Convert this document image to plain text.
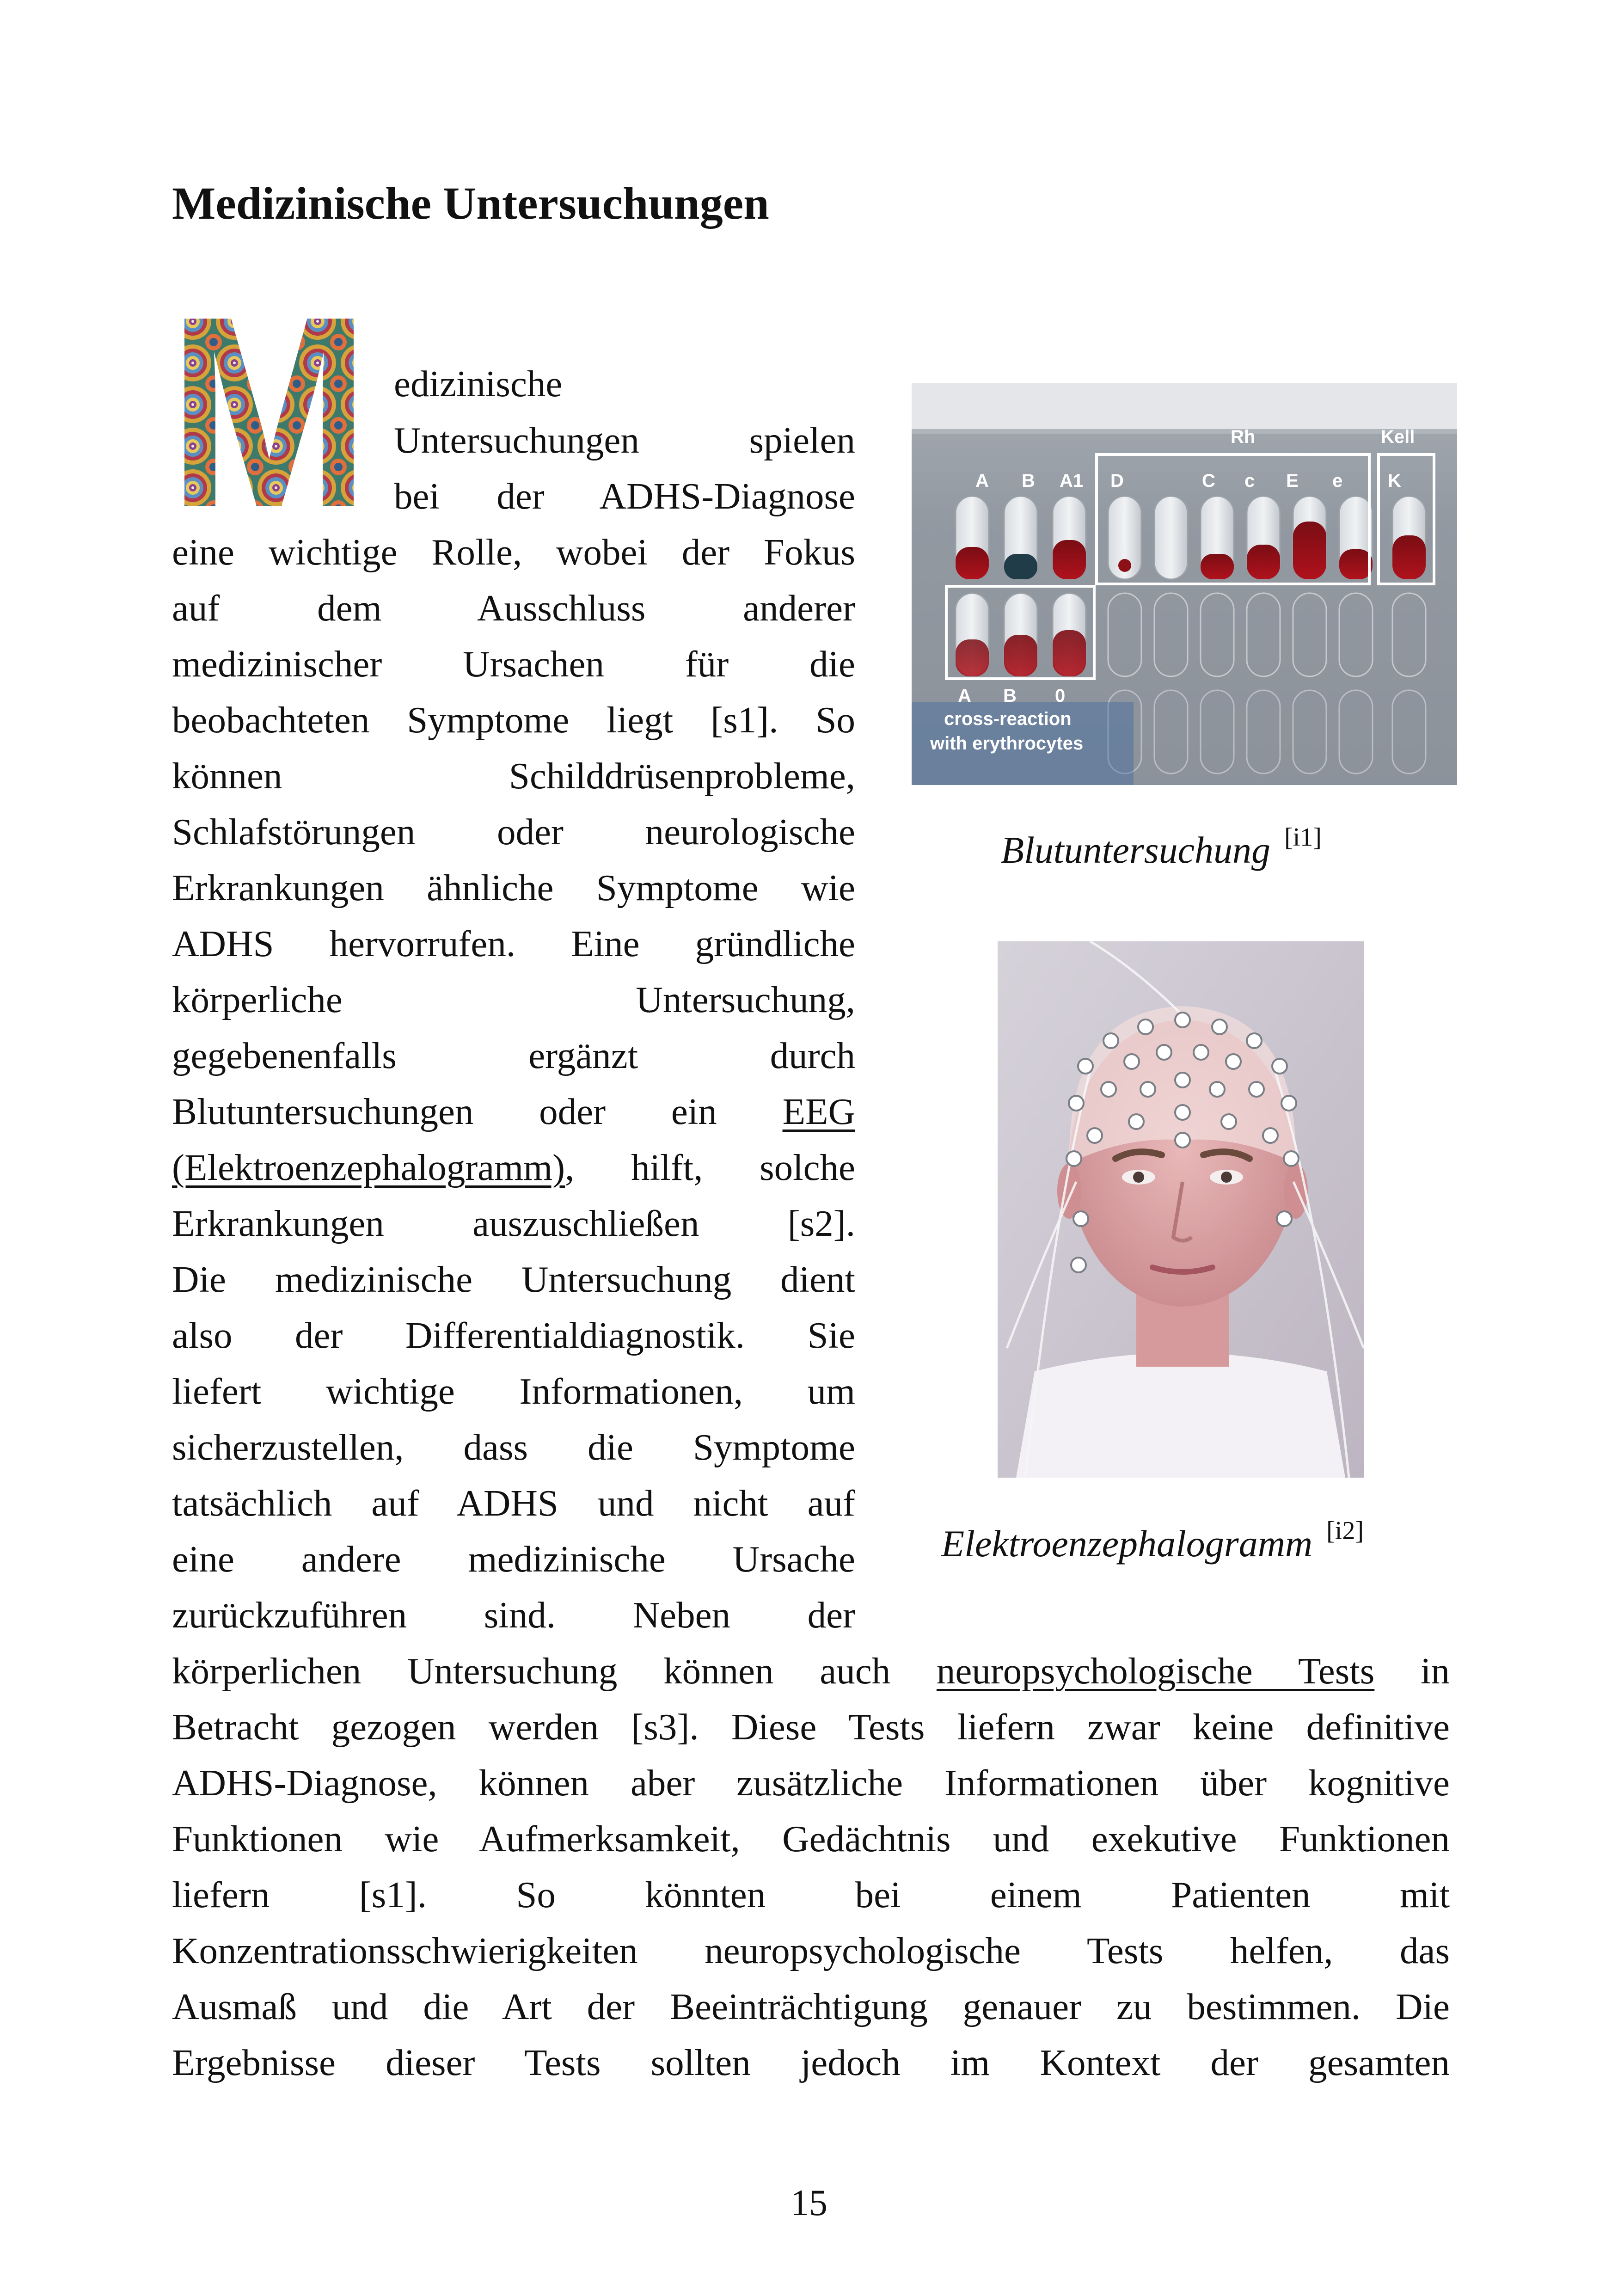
Medizinische Untersuchungen
edizinische
Untersuchungen spielen
bei der ADHS-Diagnose
eine wichtige Rolle, wobei der Fokus
auf dem Ausschluss anderer
medizinischer Ursachen für die
beobachteten Symptome liegt [s1]. So
können Schilddrüsenprobleme,
Schlafstörungen oder neurologische
Erkrankungen ähnliche Symptome wie
ADHS hervorrufen. Eine gründliche
körperliche Untersuchung,
gegebenenfalls ergänzt durch
Blutuntersuchungen oder ein EEG
(Elektroenzephalogramm), hilft, solche
Erkrankungen auszuschließen [s2].
Die medizinische Untersuchung dient
also der Differentialdiagnostik. Sie
liefert wichtige Informationen, um
sicherzustellen, dass die Symptome
tatsächlich auf ADHS und nicht auf
eine andere medizinische Ursache
zurückzuführen sind. Neben der
körperlichen Untersuchung können auch neuropsychologische Tests in
Betracht gezogen werden [s3]. Diese Tests liefern zwar keine definitive
ADHS-Diagnose, können aber zusätzliche Informationen über kognitive
Funktionen wie Aufmerksamkeit, Gedächtnis und exekutive Funktionen
liefern [s1]. So könnten bei einem Patienten mit
Konzentrationsschwierigkeiten neuropsychologische Tests helfen, das
Ausmaß und die Art der Beeinträchtigung genauer zu bestimmen. Die
Ergebnisse dieser Tests sollten jedoch im Kontext der gesamten
Rh	Kell
A B A1 D	C c E e K
A B 0
cross-reaction
with erythrocytes
Blutuntersuchung [i1]
Elektroenzephalogramm [i2]
15
